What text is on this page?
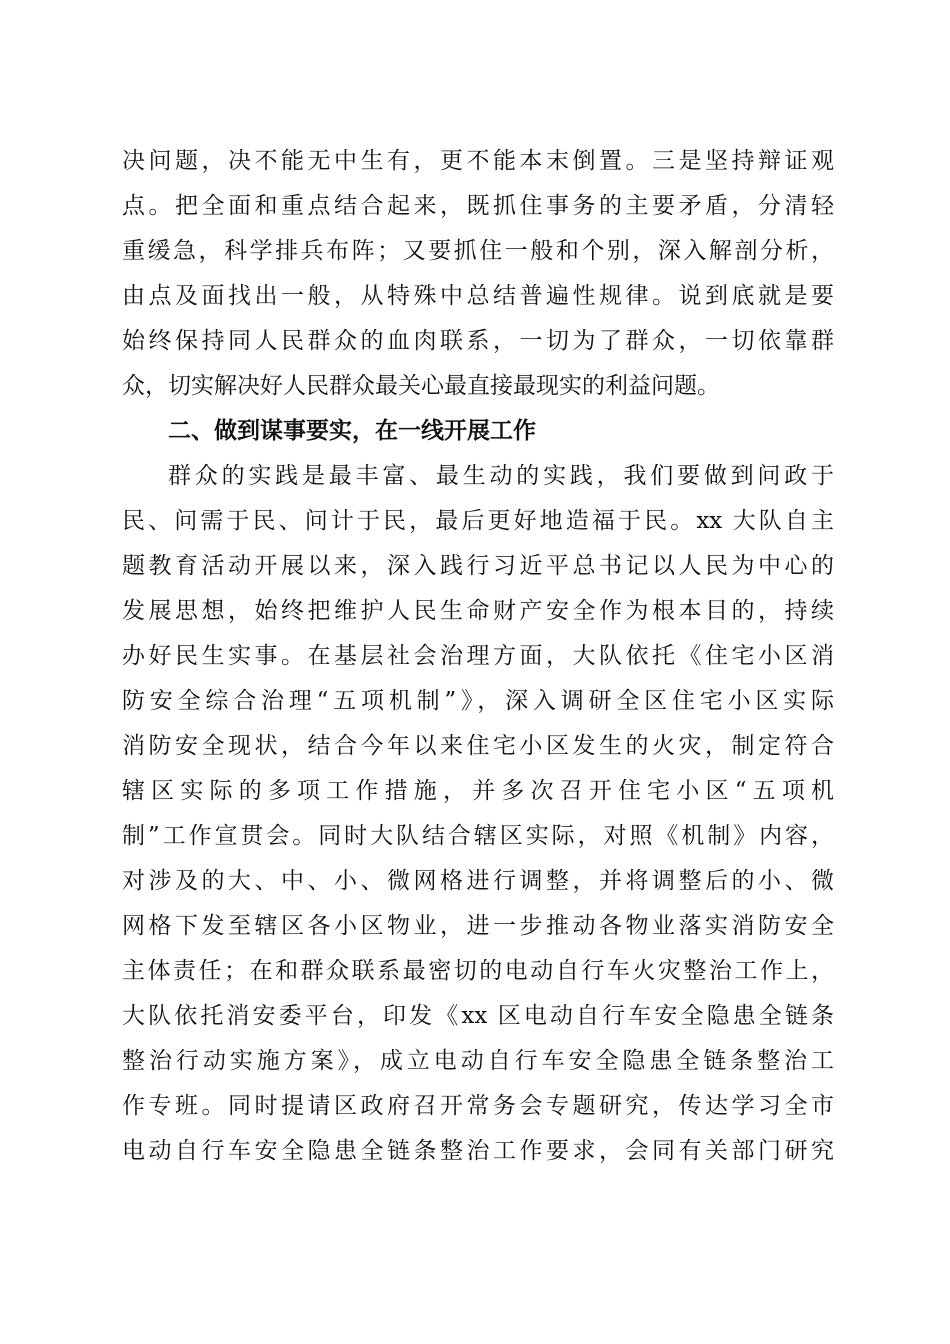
决问题，决不能无中生有，更不能本末倒置。三是坚持辩证观
点。把全面和重点结合起来，既抓住事务的主要矛盾，分清轻
重缓急，科学排兵布阵；又要抓住一般和个别，深入解剖分析，
由点及面找出一般，从特殊中总结普遍性规律。说到底就是要
始终保持同人民群众的血肉联系，一切为了群众，一切依靠群
众，切实解决好人民群众最关心最直接最现实的利益问题。
二、做到谋事要实，在一线开展工作
群众的实践是最丰富、最生动的实践，我们要做到问政于
民、问需于民、问计于民，最后更好地造福于民。xx 大队自主
题教育活动开展以来，深入践行习近平总书记以人民为中心的
发展思想，始终把维护人民生命财产安全作为根本目的，持续
办好民生实事。在基层社会治理方面，大队依托《住宅小区消
防安全综合治理“五项机制”》，深入调研全区住宅小区实际
消防安全现状，结合今年以来住宅小区发生的火灾，制定符合
辖区实际的多项工作措施，并多次召开住宅小区“五项机
制”工作宣贯会。同时大队结合辖区实际，对照《机制》内容，
对涉及的大、中、小、微网格进行调整，并将调整后的小、微
网格下发至辖区各小区物业，进一步推动各物业落实消防安全
主体责任；在和群众联系最密切的电动自行车火灾整治工作上，
大队依托消安委平台，印发《xx 区电动自行车安全隐患全链条
整治行动实施方案》，成立电动自行车安全隐患全链条整治工
作专班。同时提请区政府召开常务会专题研究，传达学习全市
电动自行车安全隐患全链条整治工作要求，会同有关部门研究
